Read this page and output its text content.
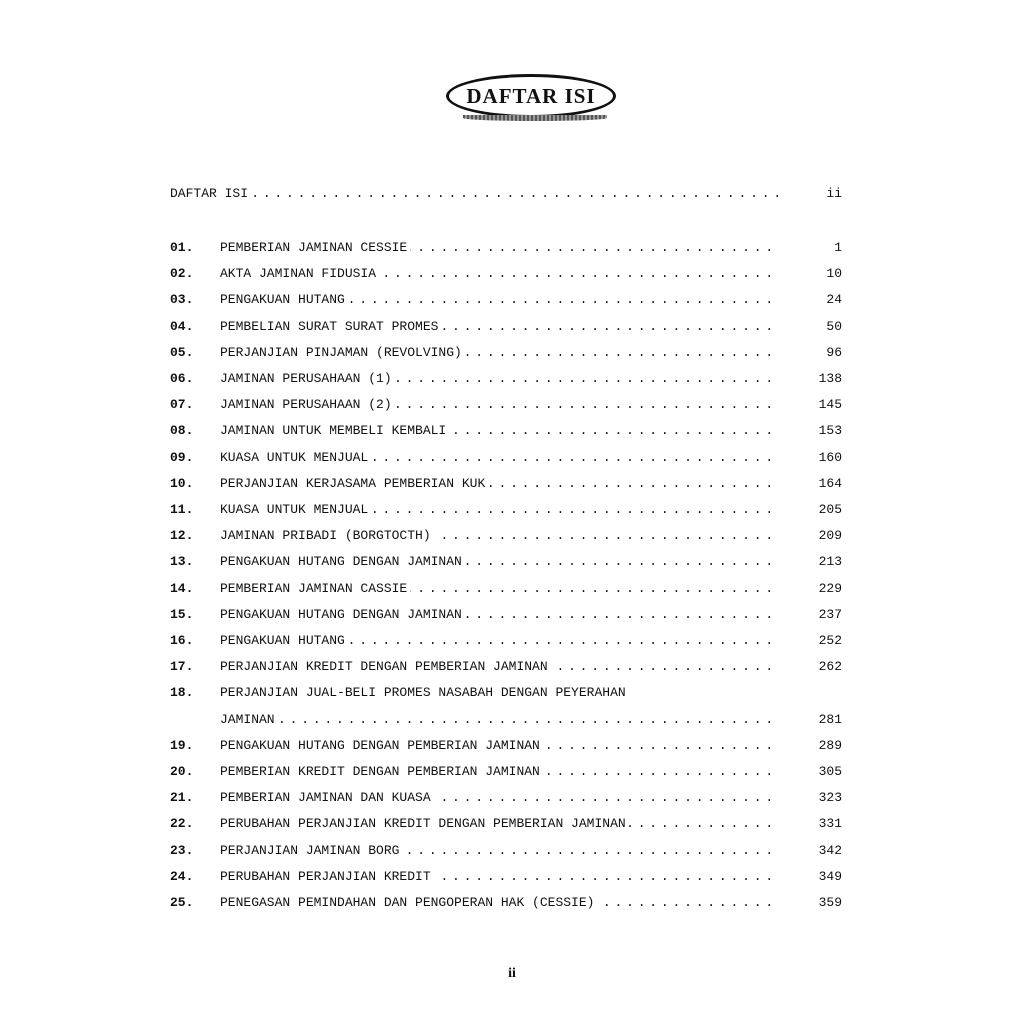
DAFTAR ISI
DAFTAR ISI . . .	ii
01.	PEMBERIAN JAMINAN CESSIE . . .	1
02.	AKTA JAMINAN FIDUSIA . . .	10
03.	PENGAKUAN HUTANG . . .	24
04.	PEMBELIAN SURAT SURAT PROMES . . .	50
05.	PERJANJIAN PINJAMAN (REVOLVING) . . .	96
06.	JAMINAN PERUSAHAAN (1) . . .	138
07.	JAMINAN PERUSAHAAN (2) . . .	145
08.	JAMINAN UNTUK MEMBELI KEMBALI . . .	153
09.	KUASA UNTUK MENJUAL . . .	160
10.	PERJANJIAN KERJASAMA PEMBERIAN KUK . . .	164
11.	KUASA UNTUK MENJUAL . . .	205
12.	JAMINAN PRIBADI (BORGTOCTH) . . .	209
13.	PENGAKUAN HUTANG DENGAN JAMINAN . . .	213
14.	PEMBERIAN JAMINAN CASSIE . . .	229
15.	PENGAKUAN HUTANG DENGAN JAMINAN . . .	237
16.	PENGAKUAN HUTANG . . .	252
17.	PERJANJIAN KREDIT DENGAN PEMBERIAN JAMINAN . . .	262
18.	PERJANJIAN JUAL-BELI PROMES NASABAH DENGAN PEYERAHAN
JAMINAN . . .	281
19.	PENGAKUAN HUTANG DENGAN PEMBERIAN JAMINAN . . .	289
20.	PEMBERIAN KREDIT DENGAN PEMBERIAN JAMINAN . . .	305
21.	PEMBERIAN JAMINAN DAN KUASA . . .	323
22.	PERUBAHAN PERJANJIAN KREDIT DENGAN PEMBERIAN JAMINAN . . .	331
23.	PERJANJIAN JAMINAN BORG . . .	342
24.	PERUBAHAN PERJANJIAN KREDIT . . .	349
25.	PENEGASAN PEMINDAHAN DAN PENGOPERAN HAK (CESSIE) . . .	359
ii
